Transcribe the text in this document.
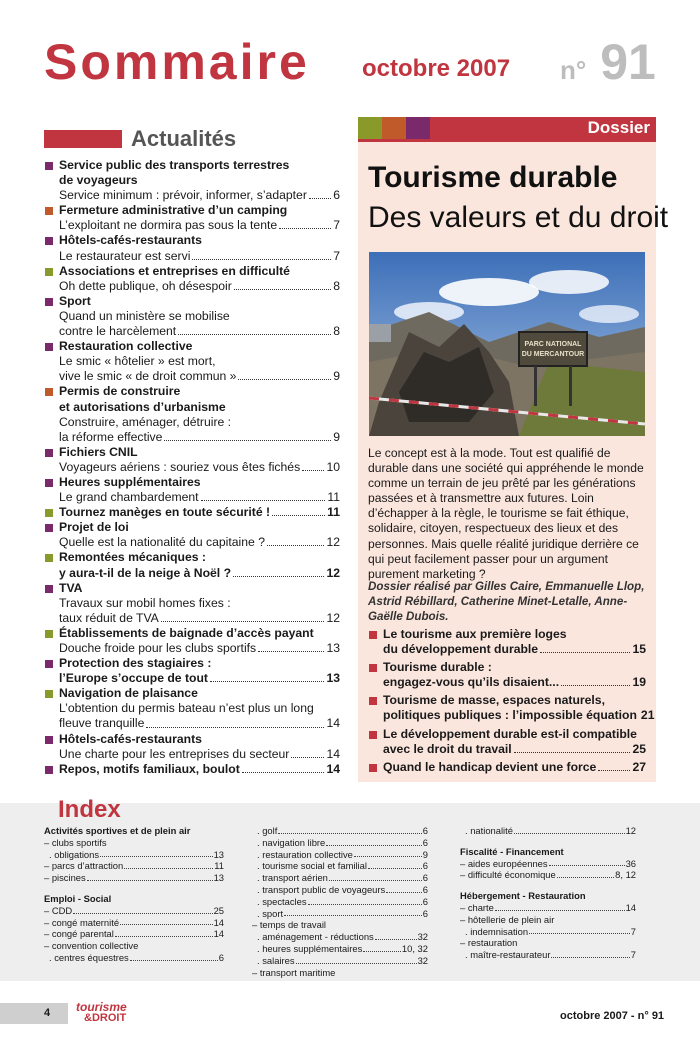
Sommaire octobre 2007 n° 91
Actualités
Service public des transports terrestres
de voyageurs
Service minimum : prévoir, informer, s’adapter 6
Fermeture administrative d’un camping
L’exploitant ne dormira pas sous la tente	7
Hôtels-cafés-restaurants
Le restaurateur est servi	7
Associations et entreprises en difficulté
Oh dette publique, oh désespoir	8
Sport
Quand un ministère se mobilise
contre le harcèlement	8
Restauration collective
Le smic « hôtelier » est mort,
vive le smic « de droit commun »	9
Permis de construire
et autorisations d’urbanisme
Construire, aménager, détruire :
la réforme effective	9
Fichiers CNIL
Voyageurs aériens : souriez vous êtes fichés 10
Heures supplémentaires
Le grand chambardement	11
Tournez manèges en toute sécurité !	11
Projet de loi
Quelle est la nationalité du capitaine ?	12
Remontées mécaniques :
y aura-t-il de la neige à Noël ?	12
TVA
Travaux sur mobil homes fixes :
taux réduit de TVA	12
Établissements de baignade d’accès payant
Douche froide pour les clubs sportifs	13
Protection des stagiaires :
l’Europe s’occupe de tout	13
Navigation de plaisance
L’obtention du permis bateau n’est plus un long
fleuve tranquille	14
Hôtels-cafés-restaurants
Une charte pour les entreprises du secteur	14
Repos, motifs familiaux, boulot	14
Dossier
Tourisme durable
Des valeurs et du droit
PARC NATIONAL
DU MERCANTOUR
Le concept est à la mode. Tout est qualifié de durable dans une société qui appréhende le monde comme un terrain de jeu prêté par les générations passées et à transmettre aux futures. Loin d’échapper à la règle, le tourisme se fait éthique, solidaire, citoyen, respectueux des lieux et des personnes. Mais quelle réalité juridique derrière ce qui peut facilement passer pour un argument purement marketing ?
Dossier réalisé par Gilles Caire, Emmanuelle Llop, Astrid Rébillard, Catherine Minet-Letalle, Anne-Gaëlle Dubois.
Le tourisme aux première loges
du développement durable	15
Tourisme durable :
engagez-vous qu’ils disaient...	19
Tourisme de masse, espaces naturels,
politiques publiques : l’impossible équation 21
Le développement durable est-il compatible
avec le droit du travail	25
Quand le handicap devient une force	27
Index
Activités sportives et de plein air
– clubs sportifs
. obligations	13
– parcs d’attraction	11
– piscines	13
Emploi - Social
– CDD	25
– congé maternité	14
– congé parental	14
– convention collective
. centres équestres	6
. golf	6
. navigation libre	6
. restauration collective	9
. tourisme social et familial	6
. transport aérien	6
. transport public de voyageurs	6
. spectacles	6
. sport	6
– temps de travail
. aménagement - réductions	32
. heures supplémentaires	10, 32
. salaires	32
– transport maritime
. nationalité	12
Fiscalité - Financement
– aides européennes	36
– difficulté économique	8, 12
Hébergement - Restauration
– charte	14
– hôtellerie de plein air
. indemnisation	7
– restauration
. maître-restaurateur	7
4 tourisme
&DROIT	octobre 2007 - n° 91
